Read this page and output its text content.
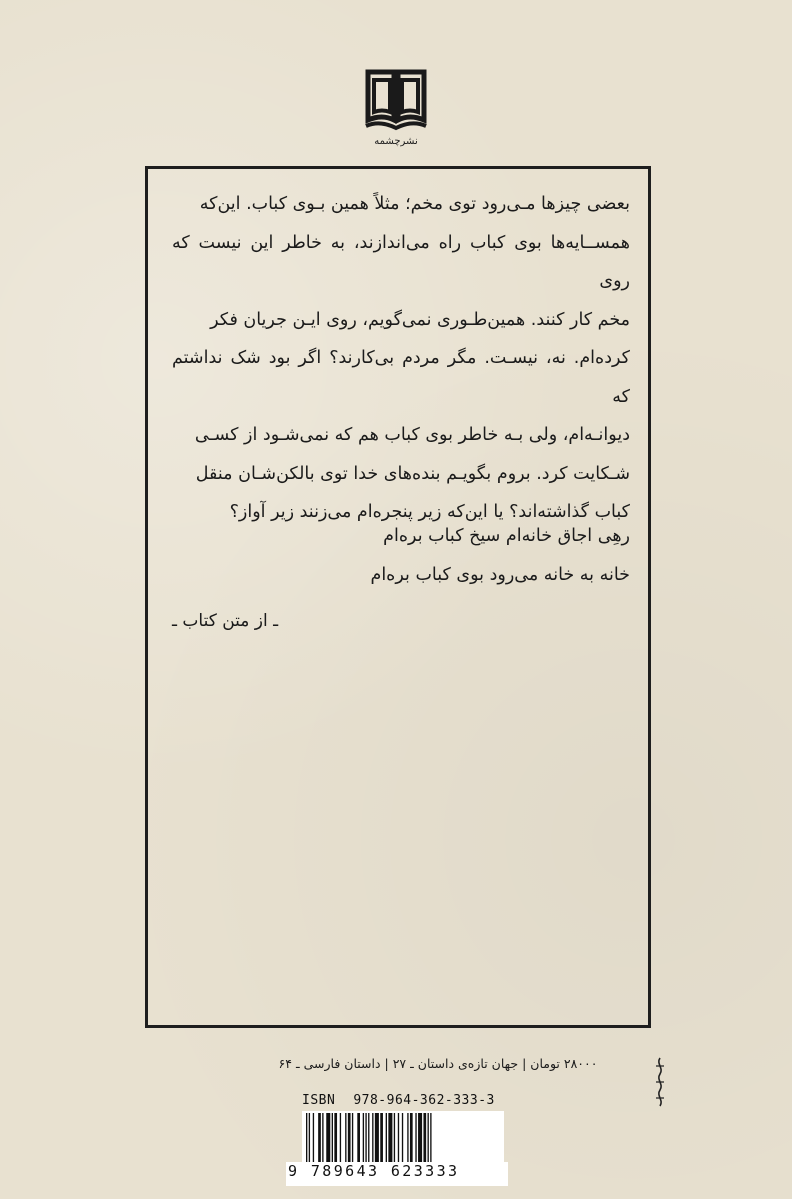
نشرچشمه

بعضی چیزها مـی‌رود توی مخم؛ مثلاً همین بـوی کباب. این‌که

همســایه‌ها بوی کباب راه می‌اندازند، به خاطر این نیست که روی

مخم کار کنند. همین‌طـوری نمی‌گویم، روی ایـن جریان فکر

کرده‌ام. نه، نیسـت. مگر مردم بی‌کارند؟ اگر بود شک نداشتم که

دیوانـه‌ام، ولی بـه خاطر بوی کباب هم که نمی‌شـود از کسـی

شـکایت کرد. بروم بگویـم بنده‌های خدا توی بالکن‌شـان منقل

کباب گذاشته‌اند؟ یا این‌که زیر پنجره‌ام می‌زنند زیر آواز؟

رهِی اجاق خانه‌ام سیخ کباب بره‌ام
خانه به خانه می‌رود بوی کباب بره‌ام
ـ از متن کتاب ـ
۲۸۰۰۰ تومان | جهان تازه‌ی داستان ـ ۲۷ | داستان فارسی ـ ۶۴
ISBN 978-964-362-333-3
9 789643 623333
